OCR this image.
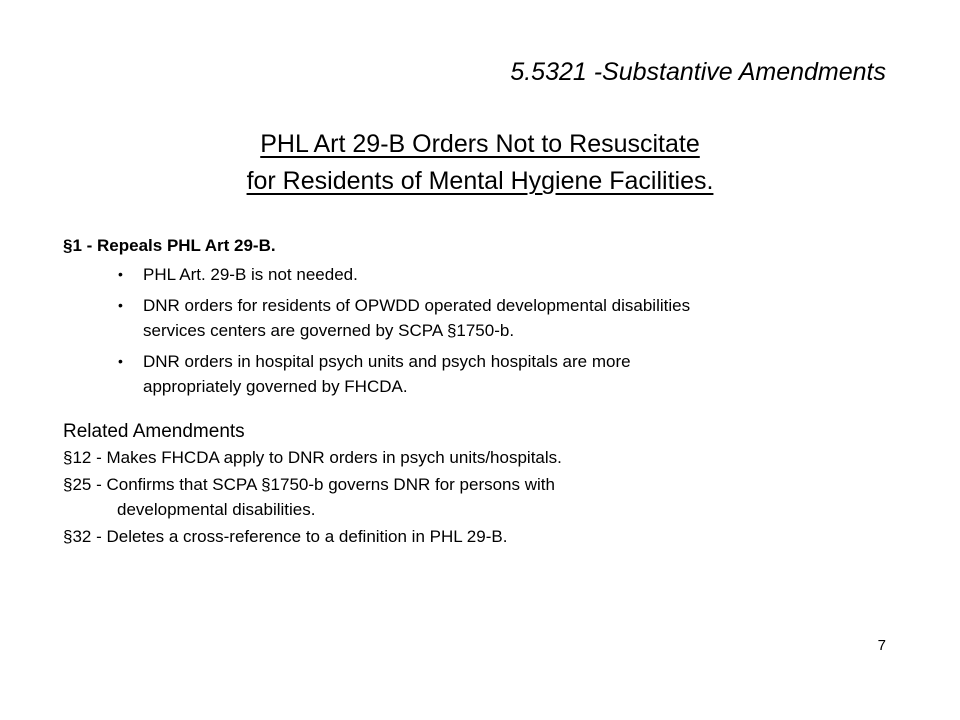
5.5321 -Substantive Amendments
PHL Art 29-B Orders Not to Resuscitate
for Residents of Mental Hygiene Facilities.
§1 - Repeals PHL Art 29-B.
• PHL Art. 29-B is not needed.
• DNR orders for residents of OPWDD operated developmental disabilities
services centers are governed by SCPA §1750-b.
• DNR orders in hospital psych units and psych hospitals are more
appropriately governed by FHCDA.
Related Amendments
§12 - Makes FHCDA apply to DNR orders in psych units/hospitals.
§25 - Confirms that SCPA §1750-b governs DNR for persons with
developmental disabilities.
§32 - Deletes a cross-reference to a definition in PHL 29-B.
7
